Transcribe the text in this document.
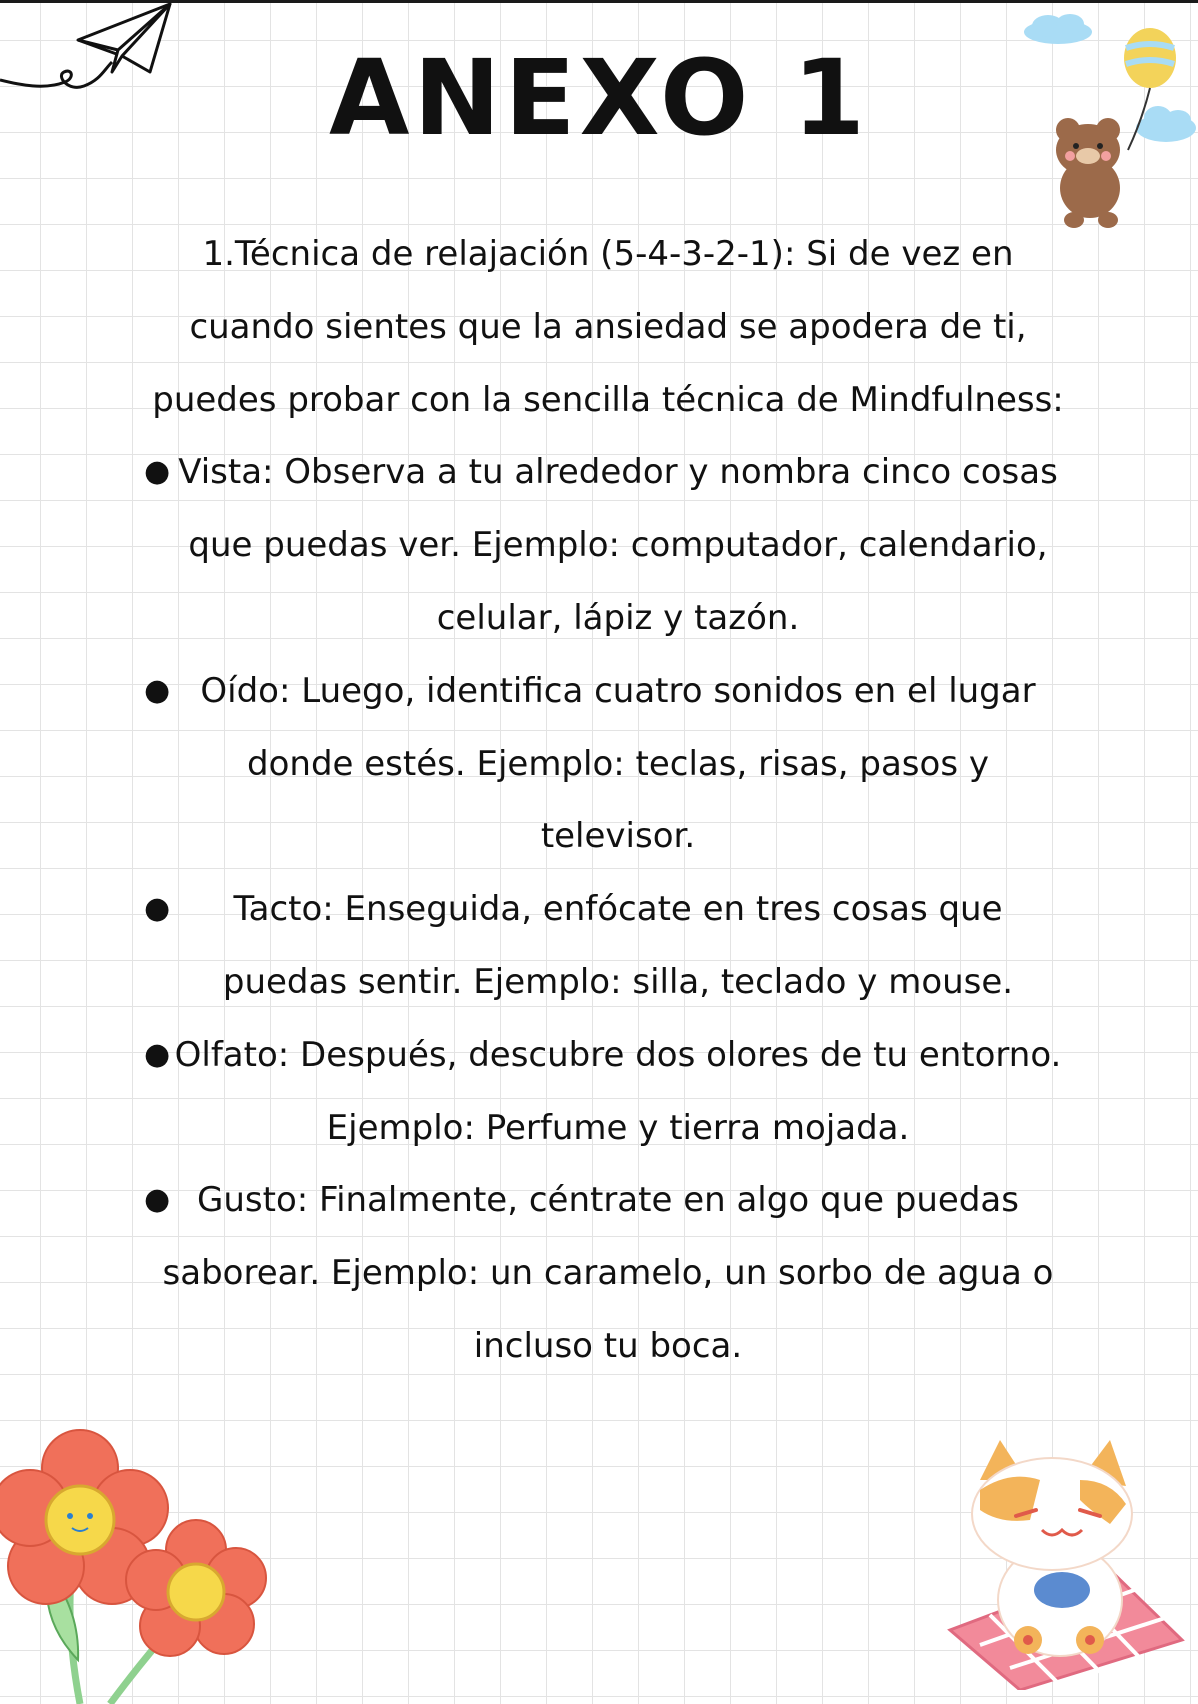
ANEXO 1

1.Técnica de relajación (5-4-3-2-1): Si de vez en cuando sientes que la ansiedad se apodera de ti, puedes probar con la sencilla técnica de Mindfulness:

● Vista: Observa a tu alrededor y nombra cinco cosas que puedas ver. Ejemplo: computador, calendario, celular, lápiz y tazón.
● Oído: Luego, identifica cuatro sonidos en el lugar donde estés. Ejemplo: teclas, risas, pasos y televisor.
●	Tacto: Enseguida, enfócate en tres cosas que puedas sentir. Ejemplo: silla, teclado y mouse.
● Olfato: Después, descubre dos olores de tu entorno. Ejemplo: Perfume y tierra mojada.
● Gusto: Finalmente, céntrate en algo que puedas saborear. Ejemplo: un caramelo, un sorbo de agua o incluso tu boca.
